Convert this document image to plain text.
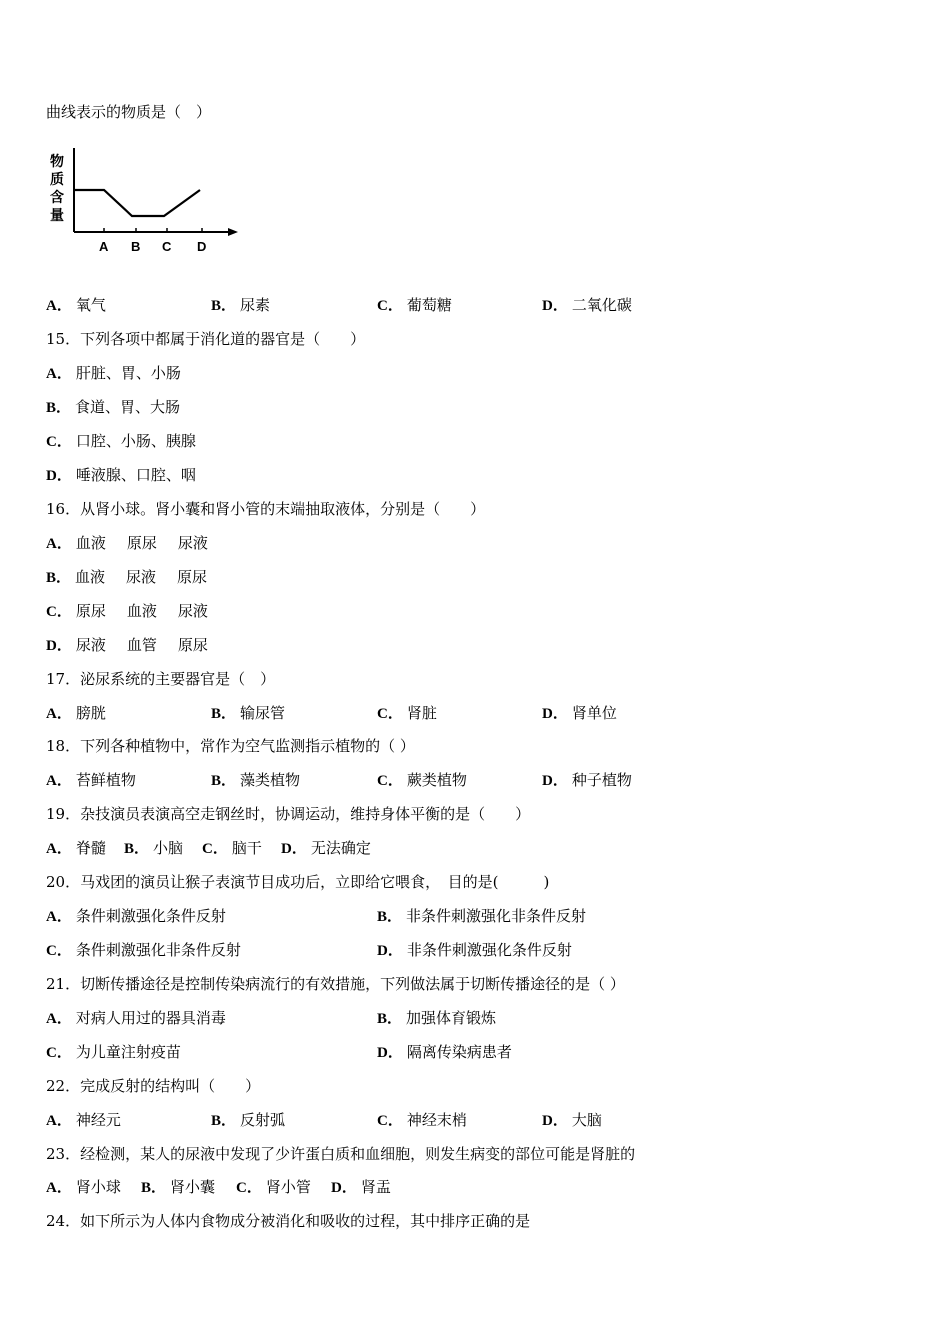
曲线表示的物质是（　）
物
质
含
量
A B C D
A． 氧气	B． 尿素	C． 葡萄糖	D． 二氧化碳
15．下列各项中都属于消化道的器官是（　　）
A． 肝脏、胃、小肠
B． 食道、胃、大肠
C． 口腔、小肠、胰腺
D． 唾液腺、口腔、咽
16．从肾小球。肾小囊和肾小管的末端抽取液体，分别是（　　）
A． 血液 原尿 尿液
B． 血液 尿液 原尿
C． 原尿 血液 尿液
D． 尿液 血管 原尿
17．泌尿系统的主要器官是（　）
A． 膀胱	B． 输尿管	C． 肾脏	D． 肾单位
18．下列各种植物中，常作为空气监测指示植物的（ ）
A． 苔鲜植物	B． 藻类植物	C． 蕨类植物	D． 种子植物
19．杂技演员表演高空走钢丝时，协调运动，维持身体平衡的是（　　）
A． 脊髓 B． 小脑 C． 脑干 D． 无法确定
20．马戏团的演员让猴子表演节目成功后，立即给它喂食，　目的是(　　　)
A． 条件刺激强化条件反射	B． 非条件刺激强化非条件反射
C． 条件刺激强化非条件反射	D． 非条件刺激强化条件反射
21．切断传播途径是控制传染病流行的有效措施，下列做法属于切断传播途径的是（ ）
A． 对病人用过的器具消毒	B． 加强体育锻炼
C． 为儿童注射疫苗	D． 隔离传染病患者
22．完成反射的结构叫（　　）
A． 神经元	B． 反射弧	C． 神经末梢	D． 大脑
23．经检测，某人的尿液中发现了少许蛋白质和血细胞，则发生病变的部位可能是肾脏的
A． 肾小球 B． 肾小囊 C． 肾小管 D． 肾盂
24．如下所示为人体内食物成分被消化和吸收的过程，其中排序正确的是
